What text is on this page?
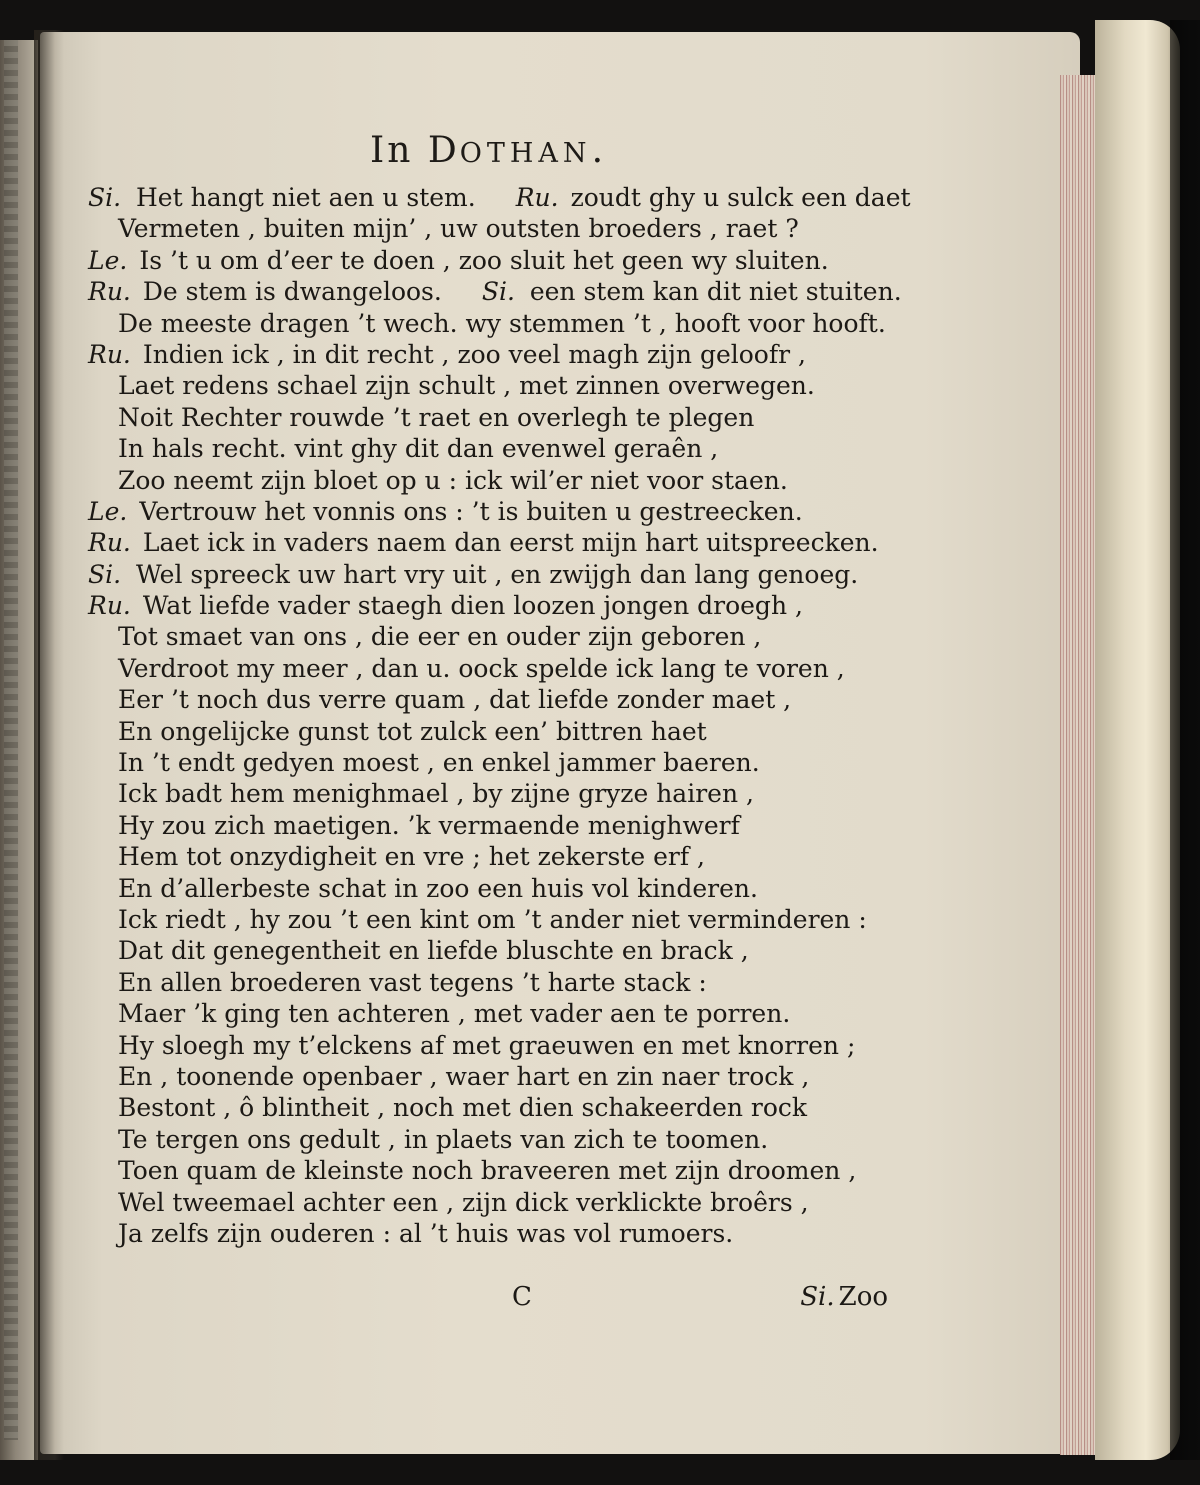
In DOTHAN.
Si. Het hangt niet aen u stem. Ru. zoudt ghy u sulck een daet
Vermeten , buiten mijn’ , uw outsten broeders , raet ?
Le. Is ’t u om d’eer te doen , zoo sluit het geen wy sluiten.
Ru. De stem is dwangeloos. Si. een stem kan dit niet stuiten.
De meeste dragen ’t wech. wy stemmen ’t , hooft voor hooft.
Ru. Indien ick , in dit recht , zoo veel magh zijn geloofr ,
Laet redens schael zijn schult , met zinnen overwegen.
Noit Rechter rouwde ’t raet en overlegh te plegen
In hals recht. vint ghy dit dan evenwel geraên ,
Zoo neemt zijn bloet op u : ick wil’er niet voor staen.
Le. Vertrouw het vonnis ons : ’t is buiten u gestreecken.
Ru. Laet ick in vaders naem dan eerst mijn hart uitspreecken.
Si. Wel spreeck uw hart vry uit , en zwijgh dan lang genoeg.
Ru. Wat liefde vader staegh dien loozen jongen droegh ,
Tot smaet van ons , die eer en ouder zijn geboren ,
Verdroot my meer , dan u. oock spelde ick lang te voren ,
Eer ’t noch dus verre quam , dat liefde zonder maet ,
En ongelijcke gunst tot zulck een’ bittren haet
In ’t endt gedyen moest , en enkel jammer baeren.
Ick badt hem menighmael , by zijne gryze hairen ,
Hy zou zich maetigen. ’k vermaende menighwerf
Hem tot onzydigheit en vre ; het zekerste erf ,
En d’allerbeste schat in zoo een huis vol kinderen.
Ick riedt , hy zou ’t een kint om ’t ander niet verminderen :
Dat dit genegentheit en liefde bluschte en brack ,
En allen broederen vast tegens ’t harte stack :
Maer ’k ging ten achteren , met vader aen te porren.
Hy sloegh my t’elckens af met graeuwen en met knorren ;
En , toonende openbaer , waer hart en zin naer trock ,
Bestont , ô blintheit , noch met dien schakeerden rock
Te tergen ons gedult , in plaets van zich te toomen.
Toen quam de kleinste noch braveeren met zijn droomen ,
Wel tweemael achter een , zijn dick verklickte broêrs ,
Ja zelfs zijn ouderen : al ’t huis was vol rumoers.
C	Si. Zoo
